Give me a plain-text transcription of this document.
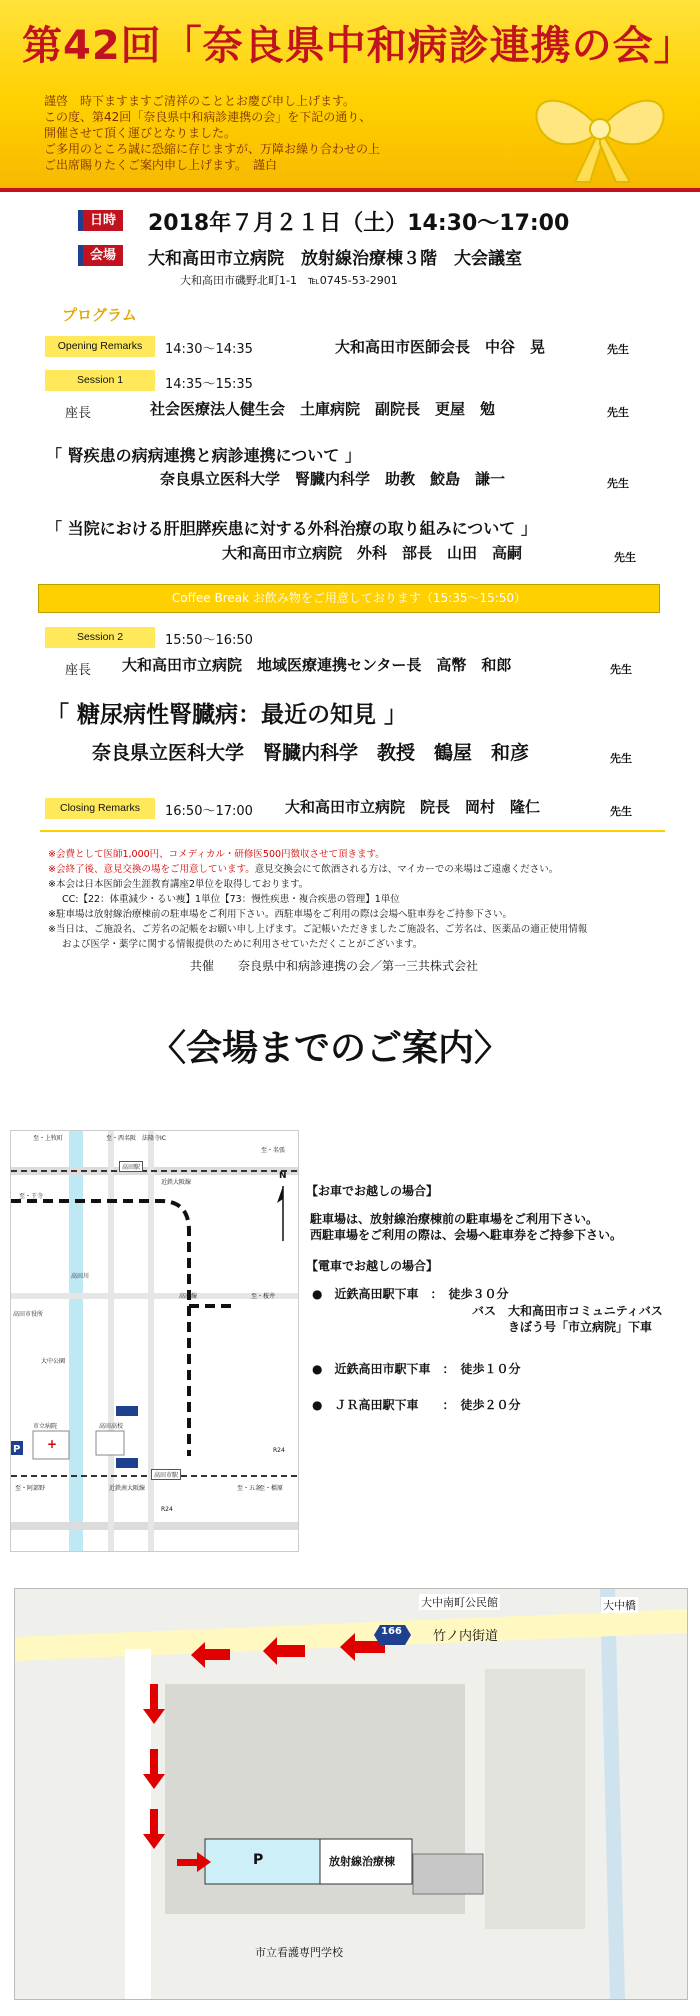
第42回「奈良県中和病診連携の会」
謹啓　時下ますますご清祥のこととお慶び申し上げます。
この度、第42回「奈良県中和病診連携の会」を下記の通り、
開催させて頂く運びとなりました。
ご多用のところ誠に恐縮に存じますが、万障お繰り合わせの上
ご出席賜りたくご案内申し上げます。　謹白
日時	2018年７月２１日（土）14:30～17:00
会場	大和高田市立病院　放射線治療棟３階　大会議室
大和高田市磯野北町1-1　℡0745-53-2901
プログラム
Opening Remarks	14:30～14:35	大和高田市医師会長　中谷　晃	先生
Session 1	14:35～15:35
座長	社会医療法人健生会　土庫病院　副院長　更屋　勉	先生
「 腎疾患の病病連携と病診連携について 」
奈良県立医科大学　腎臓内科学　助教　鮫島　謙一	先生
「 当院における肝胆膵疾患に対する外科治療の取り組みについて 」
大和高田市立病院　外科　部長　山田　高嗣	先生
Coffee Break お飲み物をご用意しております（15:35～15:50）
Session 2	15:50～16:50
座長 大和高田市立病院　地域医療連携センター長　高幣　和郎	先生
「 糖尿病性腎臓病：最近の知見 」
奈良県立医科大学　腎臓内科学　教授　鶴屋　和彦	先生
Closing Remarks	16:50～17:00 大和高田市立病院　院長　岡村　隆仁	先生
※会費として医師1,000円、コメディカル・研修医500円徴収させて頂きます。
※会終了後、意見交換の場をご用意しています。意見交換会にて飲酒される方は、マイカーでの来場はご遠慮ください。
※本会は日本医師会生涯教育講座2単位を取得しております。
CC:【22：体重減少・るい痩】1単位【73：慢性疾患・複合疾患の管理】1単位
※駐車場は放射線治療棟前の駐車場をご利用下さい。西駐車場をご利用の際は会場へ駐車券をご持参下さい。
※当日は、ご施設名、ご芳名の記帳をお願い申し上げます。ご記帳いただきましたご施設名、ご芳名は、医薬品の適正使用情報
および医学・薬学に関する情報提供のために利用させていただくことがございます。
共催　　奈良県中和病診連携の会／第一三共株式会社
〈会場までのご案内〉
P +
至・上牧町	至・西名阪　法隆寺IC
至・名張
高田駅
近鉄大阪線
至・王寺
高田川
高田市役所
大中公園
市立病院	高田高校
R24
高田市駅
至・橿原
至・桜井
至・阿部野	近鉄南大阪線
R24
至・五条
高田線
N
【お車でお越しの場合】
駐車場は、放射線治療棟前の駐車場をご利用下さい。
西駐車場をご利用の際は、会場へ駐車券をご持参下さい。
【電車でお越しの場合】
●　近鉄高田駅下車　：　徒歩３０分
バス　大和高田市コミュニティバス
きぼう号「市立病院」下車
●　近鉄高田市駅下車　：　徒歩１０分
●　ＪＲ高田駅下車　　：　徒歩２０分
大中南町公民館	大中橋
166 竹ノ内街道
P	放射線治療棟
市立看護専門学校
